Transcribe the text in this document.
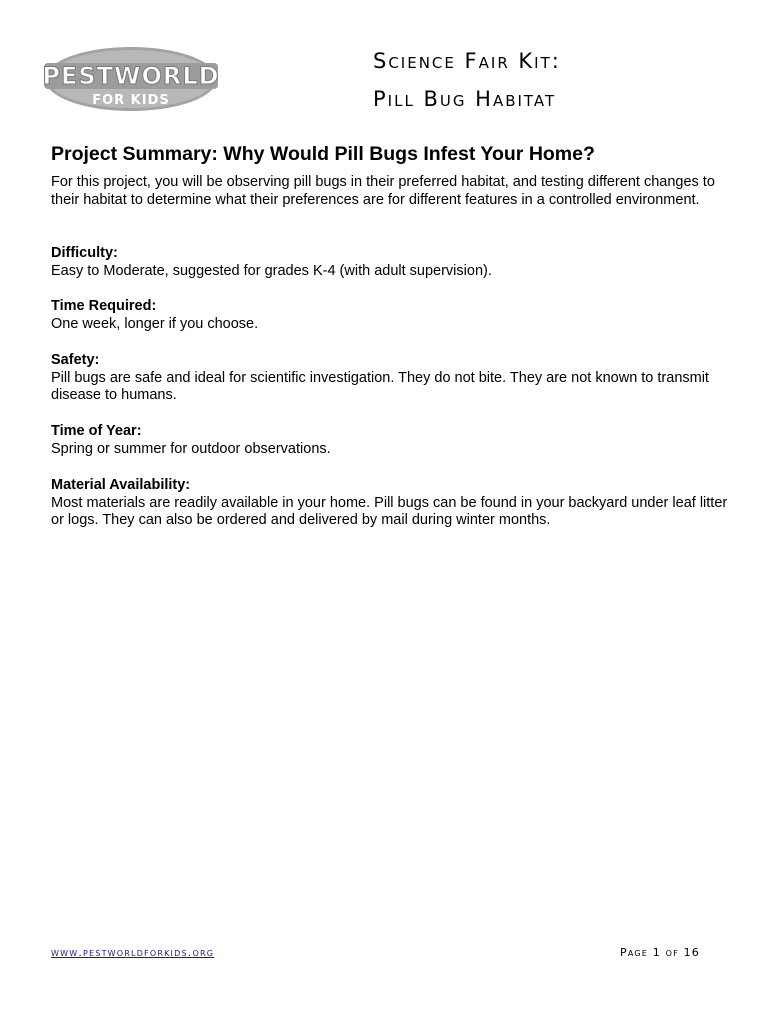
PESTWORLD
FOR KIDS
Science Fair Kit:
Pill Bug Habitat
Project Summary: Why Would Pill Bugs Infest Your Home?
For this project, you will be observing pill bugs in their preferred habitat, and testing different changes to their habitat to determine what their preferences are for different features in a controlled environment.
Difficulty:
Easy to Moderate, suggested for grades K-4 (with adult supervision).
Time Required:
One week, longer if you choose.
Safety:
Pill bugs are safe and ideal for scientific investigation. They do not bite. They are not known to transmit disease to humans.
Time of Year:
Spring or summer for outdoor observations.
Material Availability:
Most materials are readily available in your home. Pill bugs can be found in your backyard under leaf litter or logs. They can also be ordered and delivered by mail during winter months.
www.pestworldforkids.org	Page 1 of 16
